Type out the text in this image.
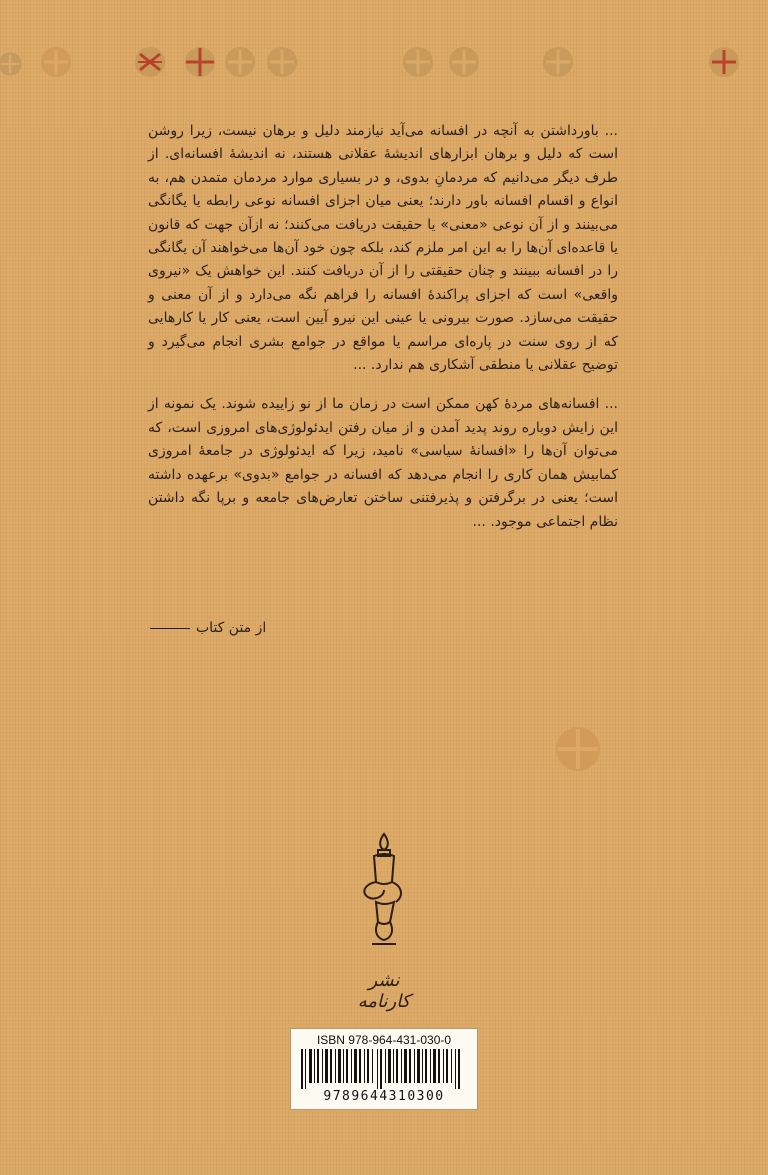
... باورداشتن به آنچه در افسانه می‌آید نیازمند دلیل و برهان نیست، زیرا روشن است که دلیل و برهان ابزارهای اندیشهٔ عقلانی هستند، نه اندیشهٔ افسانه‌ای. از طرف دیگر می‌دانیم که مردمانِ بدوی، و در بسیاری موارد مردمان متمدن هم، به انواع و اقسام افسانه باور دارند؛ یعنی میان اجزای افسانه نوعی رابطه یا یگانگی می‌بینند و از آن نوعی «معنی» یا حقیقت دریافت می‌کنند؛ نه ازآن جهت که قانون یا قاعده‌ای آن‌ها را به این امر ملزم کند، بلکه چون خود آن‌ها می‌خواهند آن یگانگی را در افسانه ببینند و چنان حقیقتی را از آن دریافت کنند. این خواهش یک «نیروی واقعی» است که اجزای پراکندهٔ افسانه را فراهم نگه می‌دارد و از آن معنی و حقیقت می‌سازد. صورت بیرونی یا عینی این نیرو آیین است، یعنی کار یا کارهایی که از روی سنت در پاره‌ای مراسم یا مواقع در جوامع بشری انجام می‌گیرد و توضیح عقلانی یا منطقی آشکاری هم ندارد. ...

... افسانه‌های مردهٔ کهن ممکن است در زمان ما از نو زاییده شوند. یک نمونه از این زایش دوباره روند پدید آمدن و از میان رفتن ایدئولوژی‌های امروزی است، که می‌توان آن‌ها را «افسانهٔ سیاسی» نامید، زیرا که ایدئولوژی در جامعهٔ امروزی کمابیش همان کاری را انجام می‌دهد که افسانه در جوامع «بدوی» برعهده داشته است؛ یعنی در برگرفتن و پذیرفتنی ساختن تعارض‌های جامعه و برپا نگه داشتن نظام اجتماعی موجود. ...

از متن کتاب
نشر کارنامه
ISBN 978-964-431-030-0
9789644310300
